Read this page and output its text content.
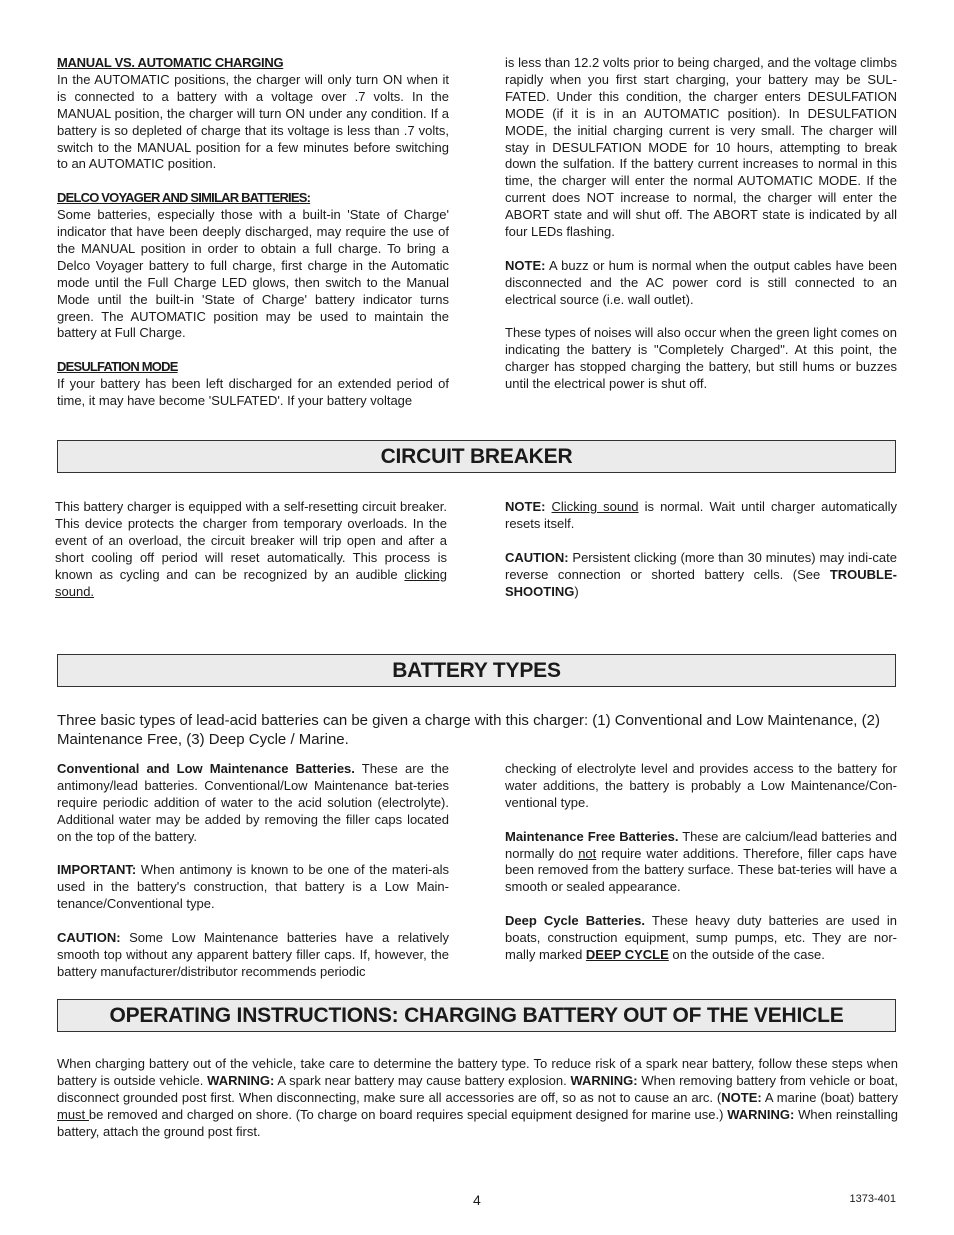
MANUAL VS. AUTOMATIC CHARGING

In the AUTOMATIC positions, the charger will only turn ON when it is connected to a battery with a voltage over .7 volts. In the MANUAL position, the charger will turn ON under any condition. If a battery is so depleted of charge that its voltage is less than .7 volts, switch to the MANUAL position for a few minutes before switching to an AUTOMATIC position.

DELCO VOYAGER AND SIMILAR BATTERIES:

Some batteries, especially those with a built-in 'State of Charge' indicator that have been deeply discharged, may require the use of the MANUAL position in order to obtain a full charge. To bring a Delco Voyager battery to full charge, first charge in the Automatic mode until the Full Charge LED glows, then switch to the Manual Mode until the built-in 'State of Charge' battery indicator turns green. The AUTOMATIC position may be used to maintain the battery at Full Charge.

DESULFATION MODE

If your battery has been left discharged for an extended period of time, it may have become 'SULFATED'. If your battery voltage

is less than 12.2 volts prior to being charged, and the voltage climbs rapidly when you first start charging, your battery may be SUL-FATED. Under this condition, the charger enters DESULFATION MODE (if it is in an AUTOMATIC position). In DESULFATION MODE, the initial charging current is very small. The charger will stay in DESULFATION MODE for 10 hours, attempting to break down the sulfation. If the battery current increases to normal in this time, the charger will enter the normal AUTOMATIC MODE. If the current does NOT increase to normal, the charger will enter the ABORT state and will shut off. The ABORT state is indicated by all four LEDs flashing.

NOTE: A buzz or hum is normal when the output cables have been disconnected and the AC power cord is still connected to an electrical source (i.e. wall outlet).

These types of noises will also occur when the green light comes on indicating the battery is "Completely Charged". At this point, the charger has stopped charging the battery, but still hums or buzzes until the electrical power is shut off.

CIRCUIT BREAKER

This battery charger is equipped with a self-resetting circuit breaker. This device protects the charger from temporary overloads. In the event of an overload, the circuit breaker will trip open and after a short cooling off period will reset automatically. This process is known as cycling and can be recognized by an audible clicking sound.

NOTE: Clicking sound is normal. Wait until charger automatically resets itself.

CAUTION: Persistent clicking (more than 30 minutes) may indi-cate reverse connection or shorted battery cells. (See TROUBLE-SHOOTING)

BATTERY TYPES

Three basic types of lead-acid batteries can be given a charge with this charger: (1) Conventional and Low Maintenance, (2) Maintenance Free, (3) Deep Cycle / Marine.

Conventional and Low Maintenance Batteries. These are the antimony/lead batteries. Conventional/Low Maintenance bat-teries require periodic addition of water to the acid solution (electrolyte). Additional water may be added by removing the filler caps located on the top of the battery.

IMPORTANT: When antimony is known to be one of the materi-als used in the battery's construction, that battery is a Low Main-tenance/Conventional type.

CAUTION: Some Low Maintenance batteries have a relatively smooth top without any apparent battery filler caps. If, however, the battery manufacturer/distributor recommends periodic

checking of electrolyte level and provides access to the battery for water additions, the battery is probably a Low Maintenance/Con-ventional type.

Maintenance Free Batteries. These are calcium/lead batteries and normally do not require water additions. Therefore, filler caps have been removed from the battery surface. These bat-teries will have a smooth or sealed appearance.

Deep Cycle Batteries. These heavy duty batteries are used in boats, construction equipment, sump pumps, etc. They are nor-mally marked DEEP CYCLE on the outside of the case.

OPERATING INSTRUCTIONS: CHARGING BATTERY OUT OF THE VEHICLE

When charging battery out of the vehicle, take care to determine the battery type. To reduce risk of a spark near battery, follow these steps when battery is outside vehicle. WARNING: A spark near battery may cause battery explosion. WARNING: When removing battery from vehicle or boat, disconnect grounded post first. When disconnecting, make sure all accessories are off, so as not to cause an arc. (NOTE: A marine (boat) battery must be removed and charged on shore. (To charge on board requires special equipment designed for marine use.) WARNING: When reinstalling battery, attach the ground post first.

4	1373-401
